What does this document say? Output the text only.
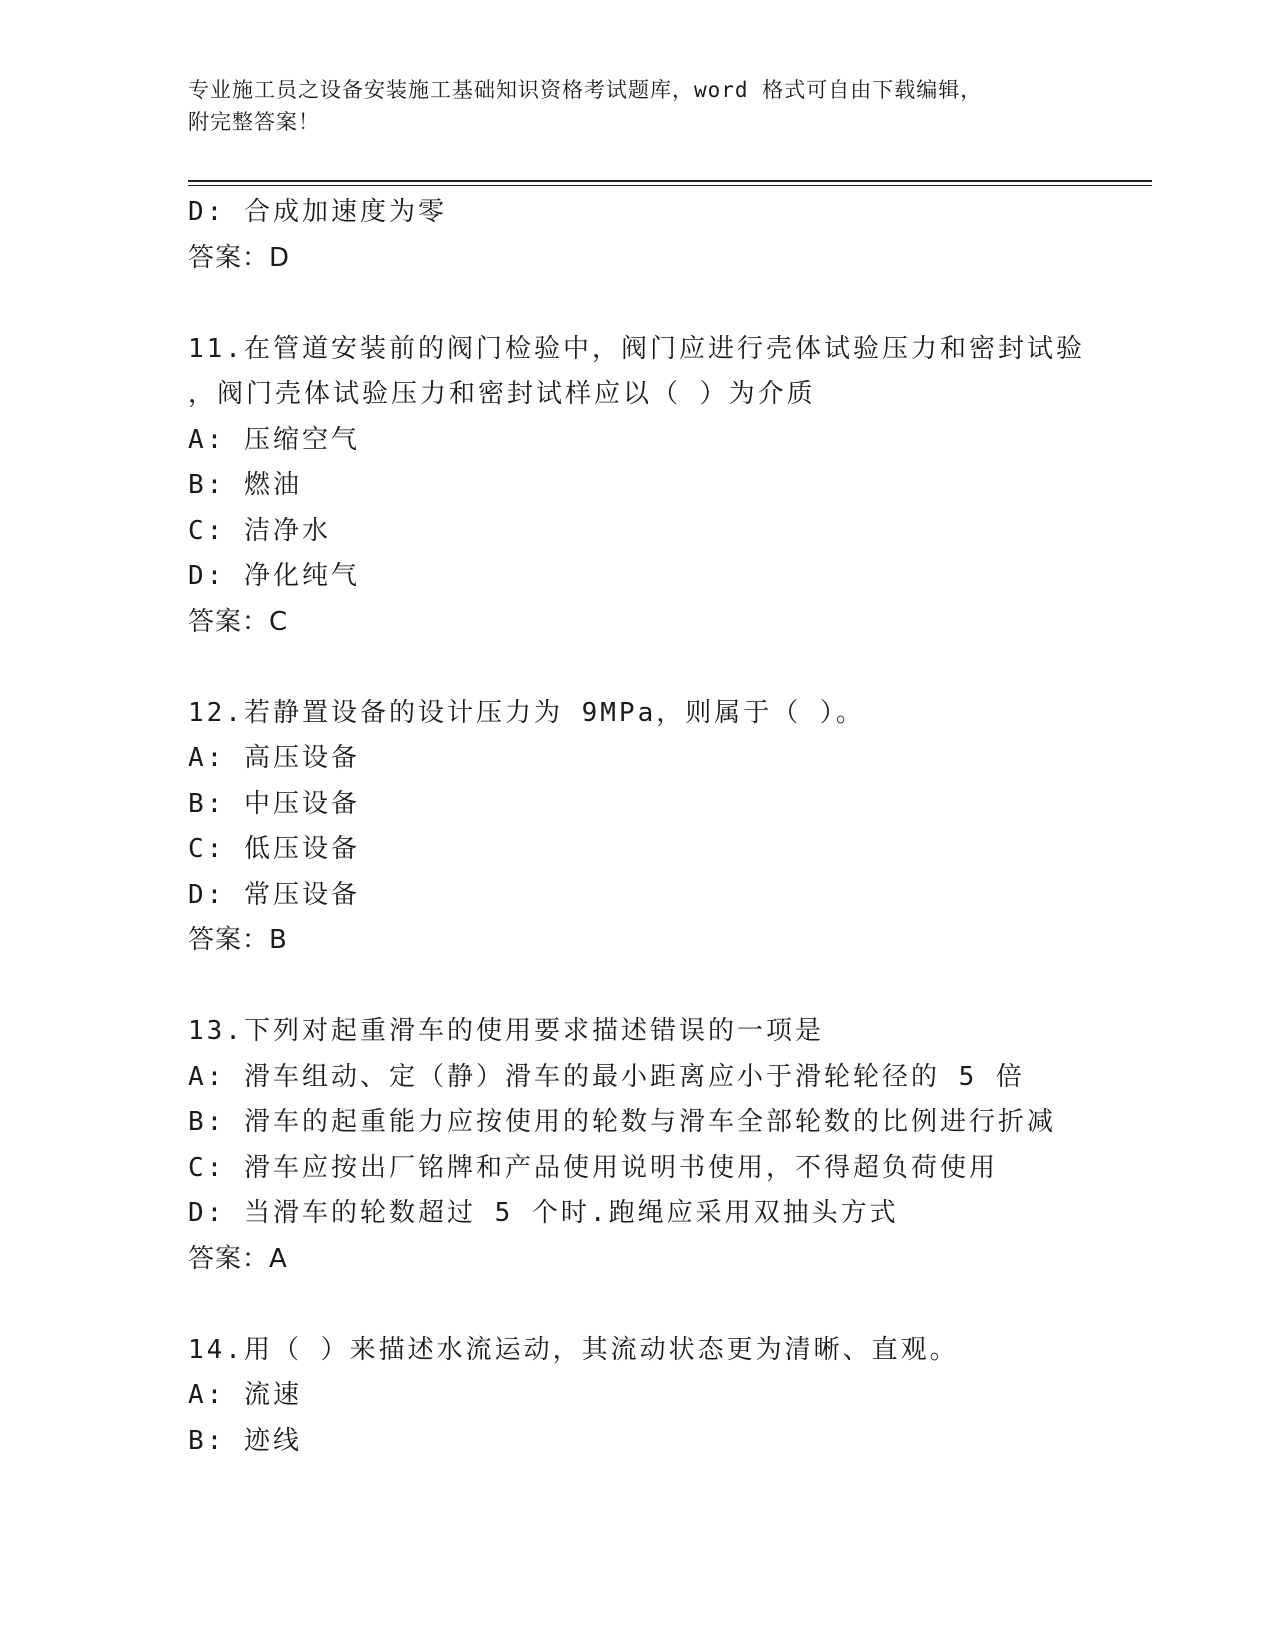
专业施工员之设备安装施工基础知识资格考试题库，word 格式可自由下载编辑，
附完整答案！
D: 合成加速度为零
答案：D
11.在管道安装前的阀门检验中，阀门应进行壳体试验压力和密封试验
，阀门壳体试验压力和密封试样应以（ ）为介质
A: 压缩空气
B: 燃油
C: 洁净水
D: 净化纯气
答案：C
12.若静置设备的设计压力为 9MPa，则属于（ ）。
A: 高压设备
B: 中压设备
C: 低压设备
D: 常压设备
答案：B
13.下列对起重滑车的使用要求描述错误的一项是
A: 滑车组动、定（静）滑车的最小距离应小于滑轮轮径的 5 倍
B: 滑车的起重能力应按使用的轮数与滑车全部轮数的比例进行折减
C: 滑车应按出厂铭牌和产品使用说明书使用，不得超负荷使用
D: 当滑车的轮数超过 5 个时.跑绳应采用双抽头方式
答案：A
14.用（ ）来描述水流运动，其流动状态更为清晰、直观。
A: 流速
B: 迹线
